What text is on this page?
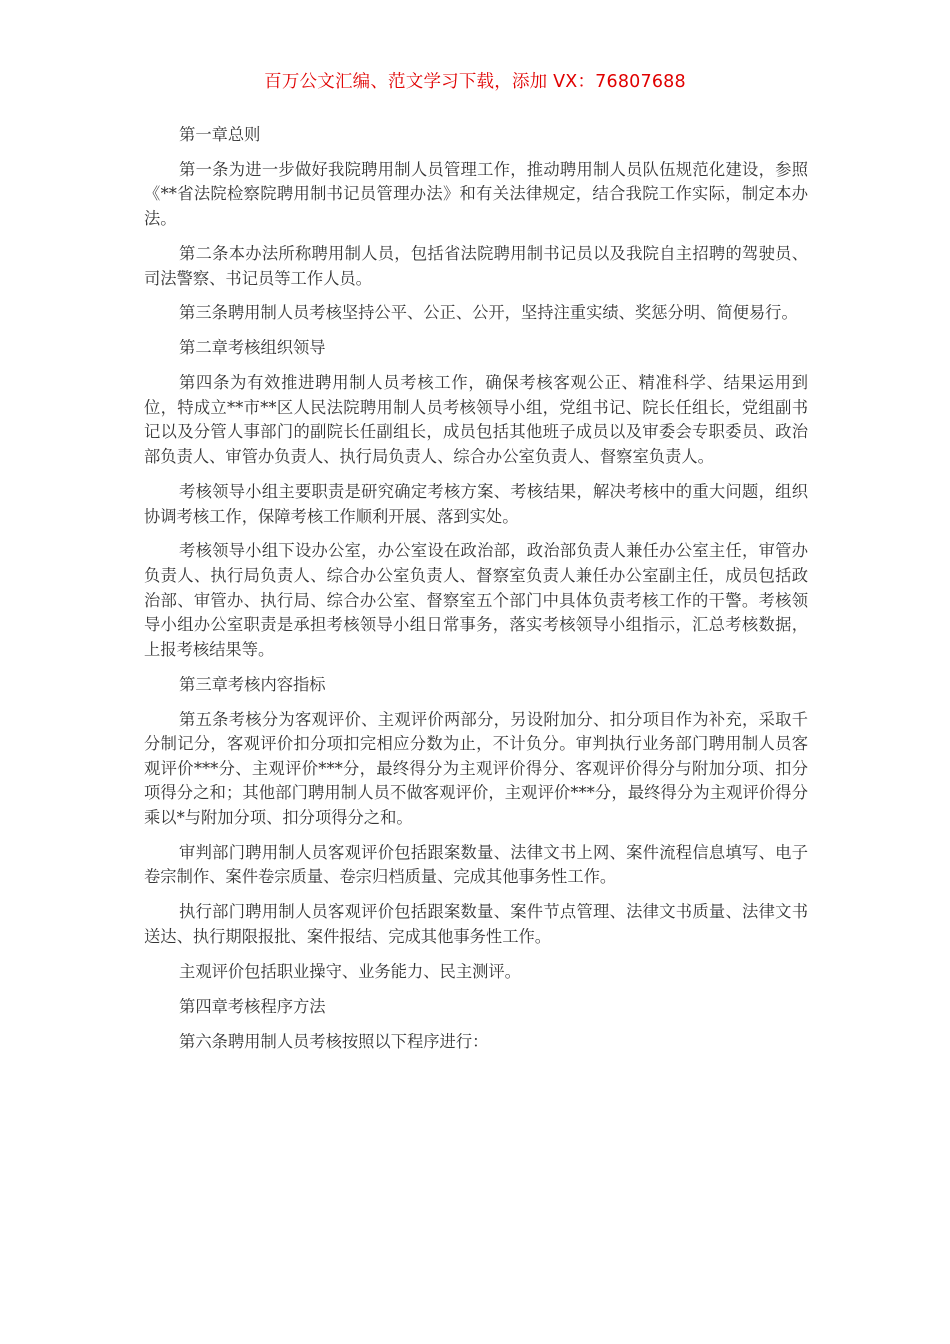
百万公文汇编、范文学习下载，添加 VX：76807688

第一章总则

第一条为进一步做好我院聘用制人员管理工作，推动聘用制人员队伍规范化建设，参照《**省法院检察院聘用制书记员管理办法》和有关法律规定，结合我院工作实际，制定本办法。

第二条本办法所称聘用制人员，包括省法院聘用制书记员以及我院自主招聘的驾驶员、司法警察、书记员等工作人员。

第三条聘用制人员考核坚持公平、公正、公开，坚持注重实绩、奖惩分明、简便易行。

第二章考核组织领导

第四条为有效推进聘用制人员考核工作，确保考核客观公正、精准科学、结果运用到位，特成立**市**区人民法院聘用制人员考核领导小组，党组书记、院长任组长，党组副书记以及分管人事部门的副院长任副组长，成员包括其他班子成员以及审委会专职委员、政治部负责人、审管办负责人、执行局负责人、综合办公室负责人、督察室负责人。

考核领导小组主要职责是研究确定考核方案、考核结果，解决考核中的重大问题，组织协调考核工作，保障考核工作顺利开展、落到实处。

考核领导小组下设办公室，办公室设在政治部，政治部负责人兼任办公室主任，审管办负责人、执行局负责人、综合办公室负责人、督察室负责人兼任办公室副主任，成员包括政治部、审管办、执行局、综合办公室、督察室五个部门中具体负责考核工作的干警。考核领导小组办公室职责是承担考核领导小组日常事务，落实考核领导小组指示，汇总考核数据，上报考核结果等。

第三章考核内容指标

第五条考核分为客观评价、主观评价两部分，另设附加分、扣分项目作为补充，采取千分制记分，客观评价扣分项扣完相应分数为止，不计负分。审判执行业务部门聘用制人员客观评价***分、主观评价***分，最终得分为主观评价得分、客观评价得分与附加分项、扣分项得分之和；其他部门聘用制人员不做客观评价，主观评价***分，最终得分为主观评价得分乘以*与附加分项、扣分项得分之和。

审判部门聘用制人员客观评价包括跟案数量、法律文书上网、案件流程信息填写、电子卷宗制作、案件卷宗质量、卷宗归档质量、完成其他事务性工作。

执行部门聘用制人员客观评价包括跟案数量、案件节点管理、法律文书质量、法律文书送达、执行期限报批、案件报结、完成其他事务性工作。

主观评价包括职业操守、业务能力、民主测评。

第四章考核程序方法

第六条聘用制人员考核按照以下程序进行：
